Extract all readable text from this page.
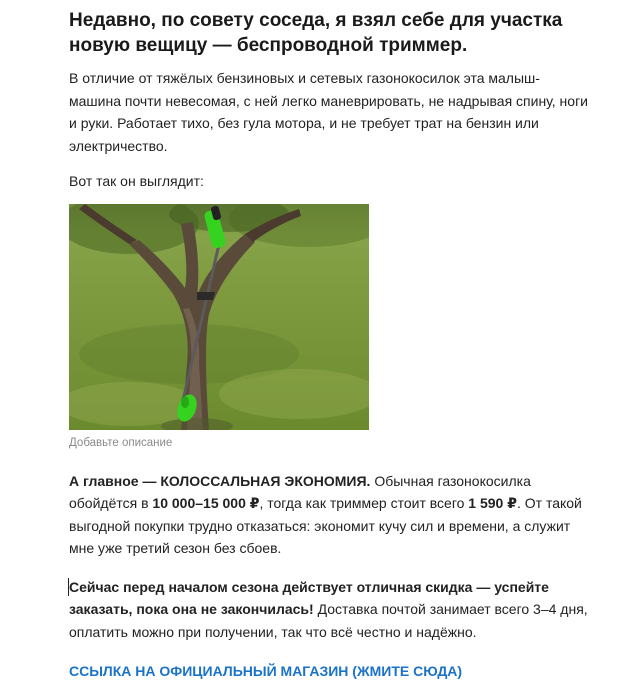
Недавно, по совету соседа, я взял себе для участка новую вещицу — беспроводной триммер.

В отличие от тяжёлых бензиновых и сетевых газонокосилок эта малыш-машина почти невесомая, с ней легко маневрировать, не надрывая спину, ноги и руки. Работает тихо, без гула мотора, и не требует трат на бензин или электричество.

Вот так он выглядит:

Добавьте описание

А главное — КОЛОССАЛЬНАЯ ЭКОНОМИЯ. Обычная газонокосилка обойдётся в 10 000–15 000 ₽, тогда как триммер стоит всего 1 590 ₽. От такой выгодной покупки трудно отказаться: экономит кучу сил и времени, а служит мне уже третий сезон без сбоев.

Сейчас перед началом сезона действует отличная скидка — успейте заказать, пока она не закончилась! Доставка почтой занимает всего 3–4 дня, оплатить можно при получении, так что всё честно и надёжно.

ССЫЛКА НА ОФИЦИАЛЬНЫЙ МАГАЗИН (ЖМИТЕ СЮДА)
